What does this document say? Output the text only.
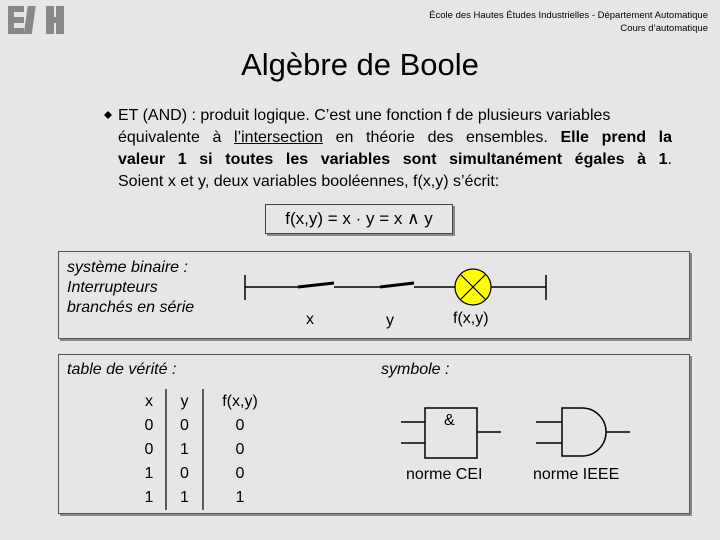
École des Hautes Études Industrielles - Département Automatique
Cours d’automatique
Algèbre de Boole
ET (AND) : produit logique. C’est une fonction f de plusieurs variables
équivalente à l’intersection en théorie des ensembles. Elle prend la
valeur 1 si toutes les variables sont simultanément égales à 1.
Soient x et y, deux variables booléennes, f(x,y) s’écrit:
f(x,y) = x · y = x ∧ y
système binaire :
Interrupteurs
branchés en série
x	y	f(x,y)
table de vérité :
x	y	f(x,y)
0	0	0
0	1	0
1	0	0
1	1	1
symbole :
&
norme CEI	norme IEEE
